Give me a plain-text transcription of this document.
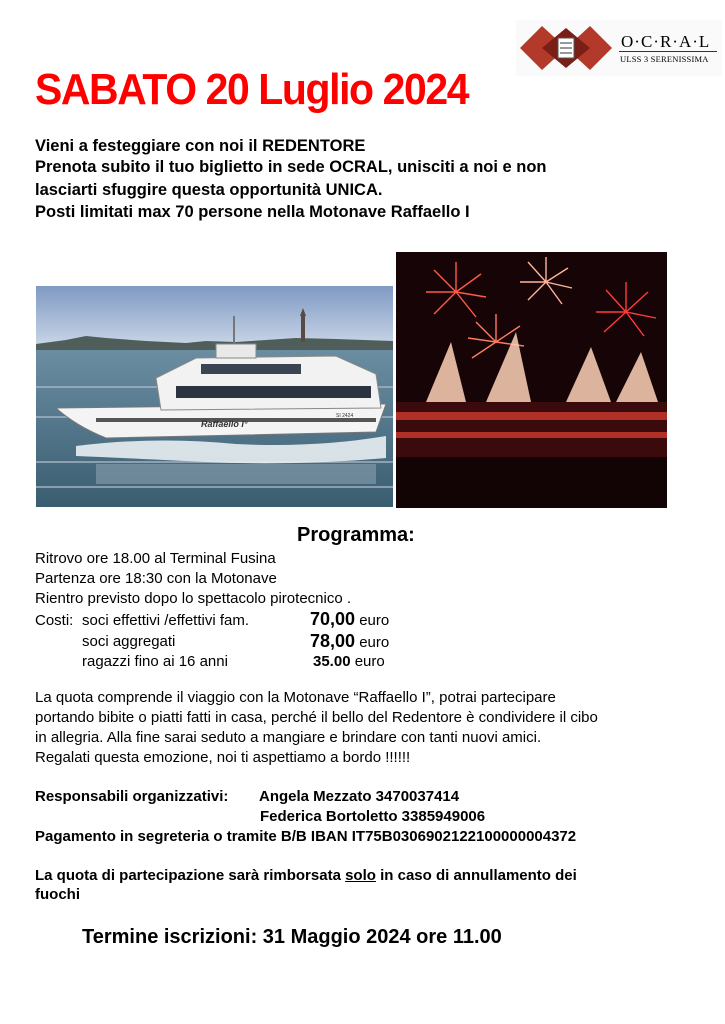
O·C·R·A·L
ULSS 3 SERENISSIMA
SABATO 20 Luglio 2024
Vieni a festeggiare con noi il REDENTORE
Prenota subito il tuo biglietto in sede OCRAL, unisciti a noi e non
lasciarti sfuggire questa opportunità UNICA.
Posti limitati max 70 persone nella Motonave Raffaello I
Raffaello I°
SI 2424
Programma:
Ritrovo ore 18.00 al Terminal Fusina
Partenza ore 18:30 con la Motonave
Rientro previsto dopo lo spettacolo pirotecnico .
Costi: soci effettivi /effettivi fam.	70,00 euro
soci aggregati	78,00 euro
ragazzi fino ai 16 anni	35.00 euro
La quota comprende il viaggio con la Motonave “Raffaello I”, potrai partecipare
portando bibite o piatti fatti in casa, perché il bello del Redentore è condividere il cibo
in allegria. Alla fine sarai seduto a mangiare e brindare con tanti nuovi amici.
Regalati questa emozione, noi ti aspettiamo a bordo !!!!!!
Responsabili organizzativi: Angela Mezzato 3470037414
Federica Bortoletto 3385949006
Pagamento in segreteria o tramite B/B IBAN IT75B0306902122100000004372
La quota di partecipazione sarà rimborsata solo in caso di annullamento dei
fuochi
Termine iscrizioni: 31 Maggio 2024 ore 11.00
